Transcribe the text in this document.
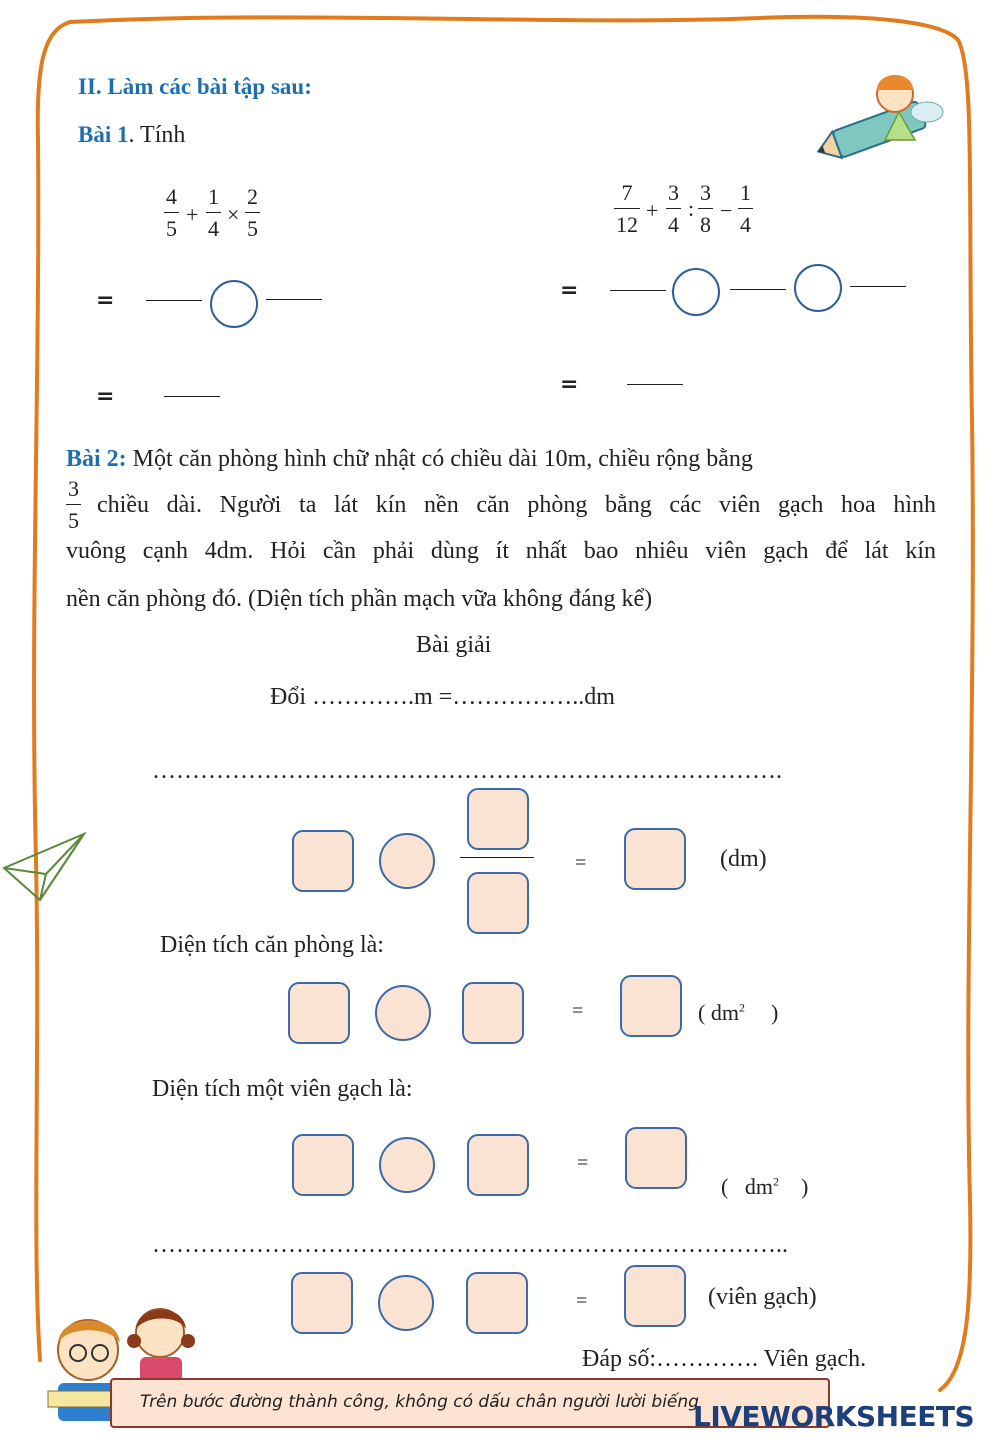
II. Làm các bài tập sau:
Bài 1. Tính
4
5
+
1
4
×
2
5
7
12
+
3
4
:
3
8
−
1
4
=
=
=
=
Bài 2: Một căn phòng hình chữ nhật có chiều dài 10m, chiều rộng bằng
3
5
chiều dài. Người ta lát kín nền căn phòng bằng các viên gạch hoa hình
vuông cạnh 4dm. Hỏi cần phải dùng ít nhất bao nhiêu viên gạch để lát kín
nền căn phòng đó. (Diện tích phần mạch vữa không đáng kể)
Bài giải
Đổi ………….m =……………..dm
…………………………………………………………………….
=	(dm)
Diện tích căn phòng là:
=	( $dm^2$ )
Diện tích một viên gạch là:
=

(   $dm^2$ )

……………………………………………………………………..
=	(viên gạch)
Đáp số:…………. Viên gạch.
Trên bước đường thành công, không có dấu chân người lười biếng
LIVEWORKSHEETS
